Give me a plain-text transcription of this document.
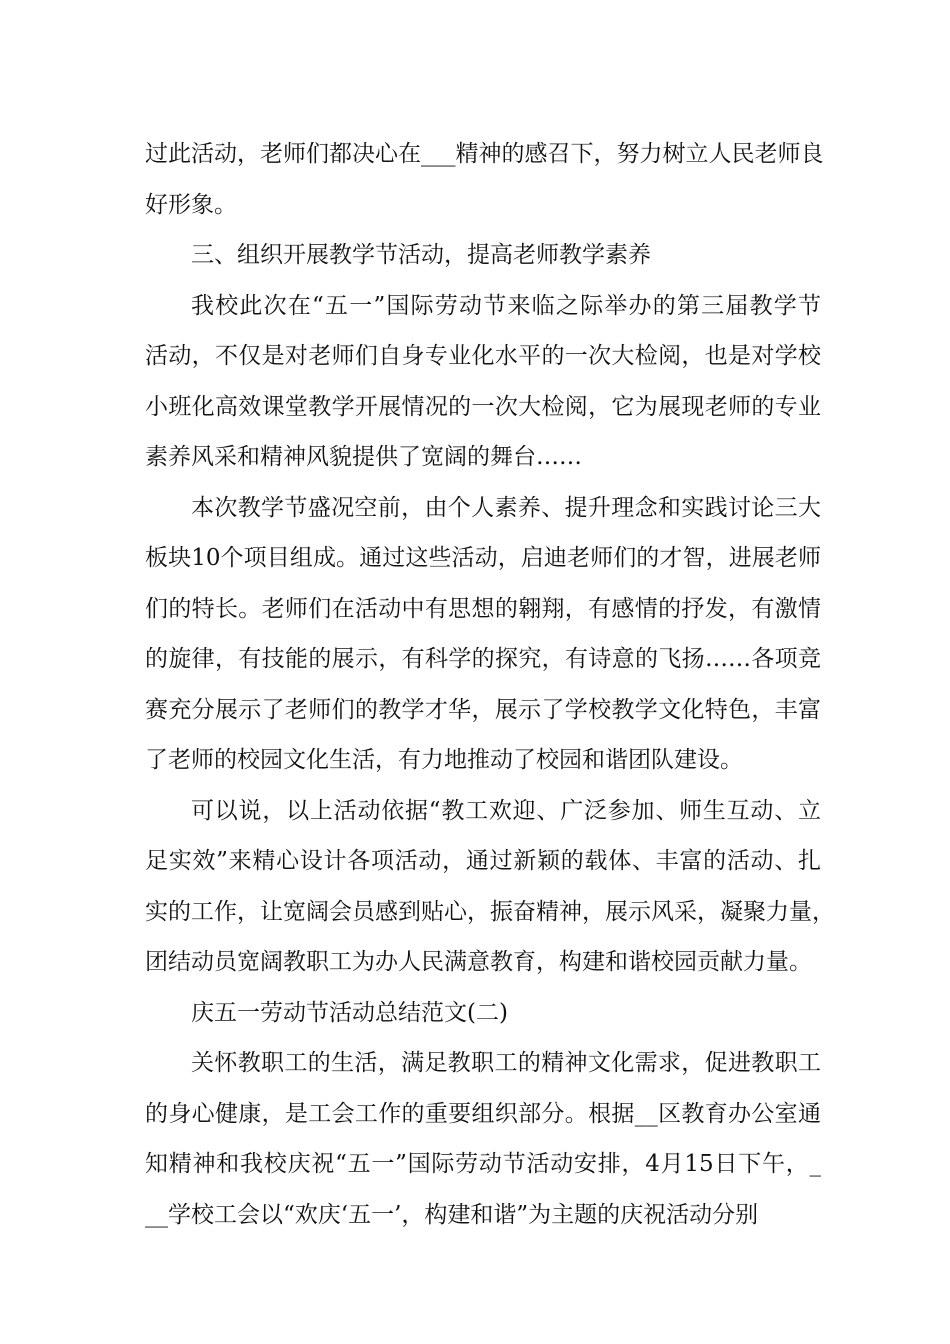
过此活动，老师们都决心在___精神的感召下，努力树立人民老师良
好形象。

三、组织开展教学节活动，提高老师教学素养

我校此次在“五一”国际劳动节来临之际举办的第三届教学节
活动，不仅是对老师们自身专业化水平的一次大检阅，也是对学校
小班化高效课堂教学开展情况的一次大检阅，它为展现老师的专业
素养风采和精神风貌提供了宽阔的舞台……

本次教学节盛况空前，由个人素养、提升理念和实践讨论三大
板块10个项目组成。通过这些活动，启迪老师们的才智，进展老师
们的特长。老师们在活动中有思想的翱翔，有感情的抒发，有激情
的旋律，有技能的展示，有科学的探究，有诗意的飞扬……各项竞
赛充分展示了老师们的教学才华，展示了学校教学文化特色，丰富
了老师的校园文化生活，有力地推动了校园和谐团队建设。

可以说，以上活动依据“教工欢迎、广泛参加、师生互动、立
足实效”来精心设计各项活动，通过新颖的载体、丰富的活动、扎
实的工作，让宽阔会员感到贴心，振奋精神，展示风采，凝聚力量，
团结动员宽阔教职工为办人民满意教育，构建和谐校园贡献力量。

庆五一劳动节活动总结范文(二)

关怀教职工的生活，满足教职工的精神文化需求，促进教职工
的身心健康，是工会工作的重要组织部分。根据__区教育办公室通
知精神和我校庆祝“五一”国际劳动节活动安排，4月15日下午，_
__学校工会以“欢庆‘五一’，构建和谐”为主题的庆祝活动分别
